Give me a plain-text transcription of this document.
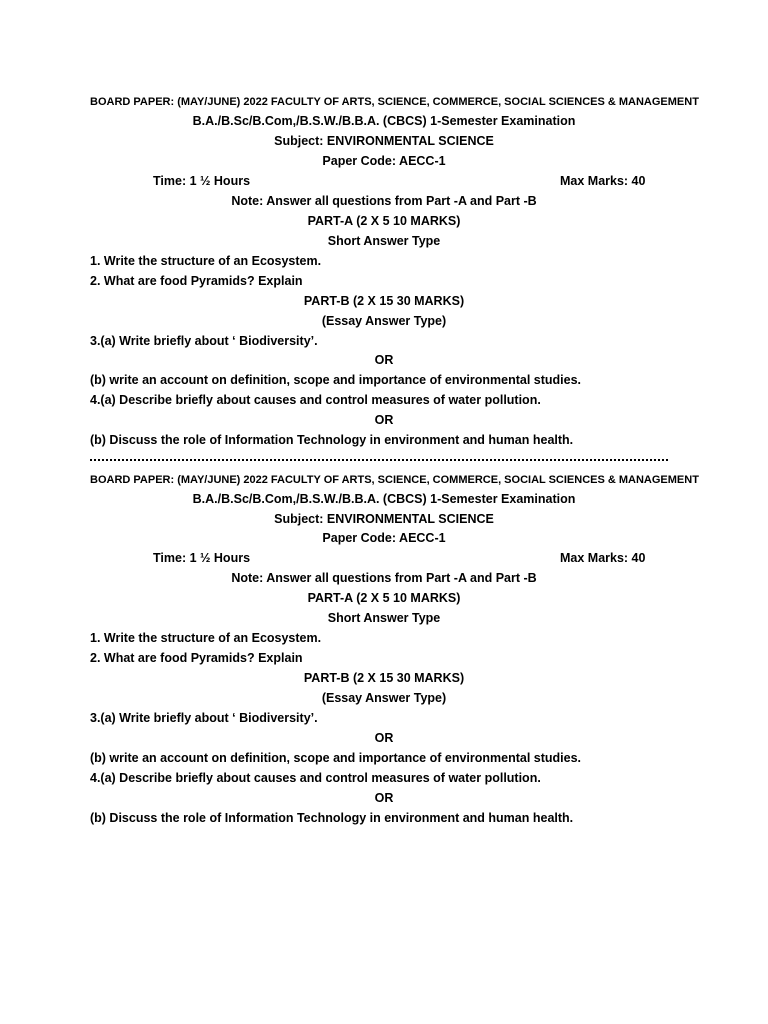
BOARD PAPER: (MAY/JUNE) 2022 FACULTY OF ARTS, SCIENCE, COMMERCE, SOCIAL SCIENCES & MANAGEMENT
B.A./B.Sc/B.Com,/B.S.W./B.B.A. (CBCS) 1-Semester Examination
Subject: ENVIRONMENTAL SCIENCE
Paper Code: AECC-1
Time: 1 ½ Hours	Max Marks: 40
Note: Answer all questions from Part -A and Part -B
PART-A (2 X 5 10 MARKS)
Short Answer Type
1. Write the structure of an Ecosystem.
2. What are food Pyramids? Explain
PART-B (2 X 15 30 MARKS)
(Essay Answer Type)
3.(a) Write briefly about ‘ Biodiversity’.
OR
(b) write an account on definition, scope and importance of environmental studies.
4.(a) Describe briefly about causes and control measures of water pollution.
OR
(b) Discuss the role of Information Technology in environment and human health.
BOARD PAPER: (MAY/JUNE) 2022 FACULTY OF ARTS, SCIENCE, COMMERCE, SOCIAL SCIENCES & MANAGEMENT
B.A./B.Sc/B.Com,/B.S.W./B.B.A. (CBCS) 1-Semester Examination
Subject: ENVIRONMENTAL SCIENCE
Paper Code: AECC-1
Time: 1 ½ Hours	Max Marks: 40
Note: Answer all questions from Part -A and Part -B
PART-A (2 X 5 10 MARKS)
Short Answer Type
1. Write the structure of an Ecosystem.
2. What are food Pyramids? Explain
PART-B (2 X 15 30 MARKS)
(Essay Answer Type)
3.(a) Write briefly about ‘ Biodiversity’.
OR
(b) write an account on definition, scope and importance of environmental studies.
4.(a) Describe briefly about causes and control measures of water pollution.
OR
(b) Discuss the role of Information Technology in environment and human health.
